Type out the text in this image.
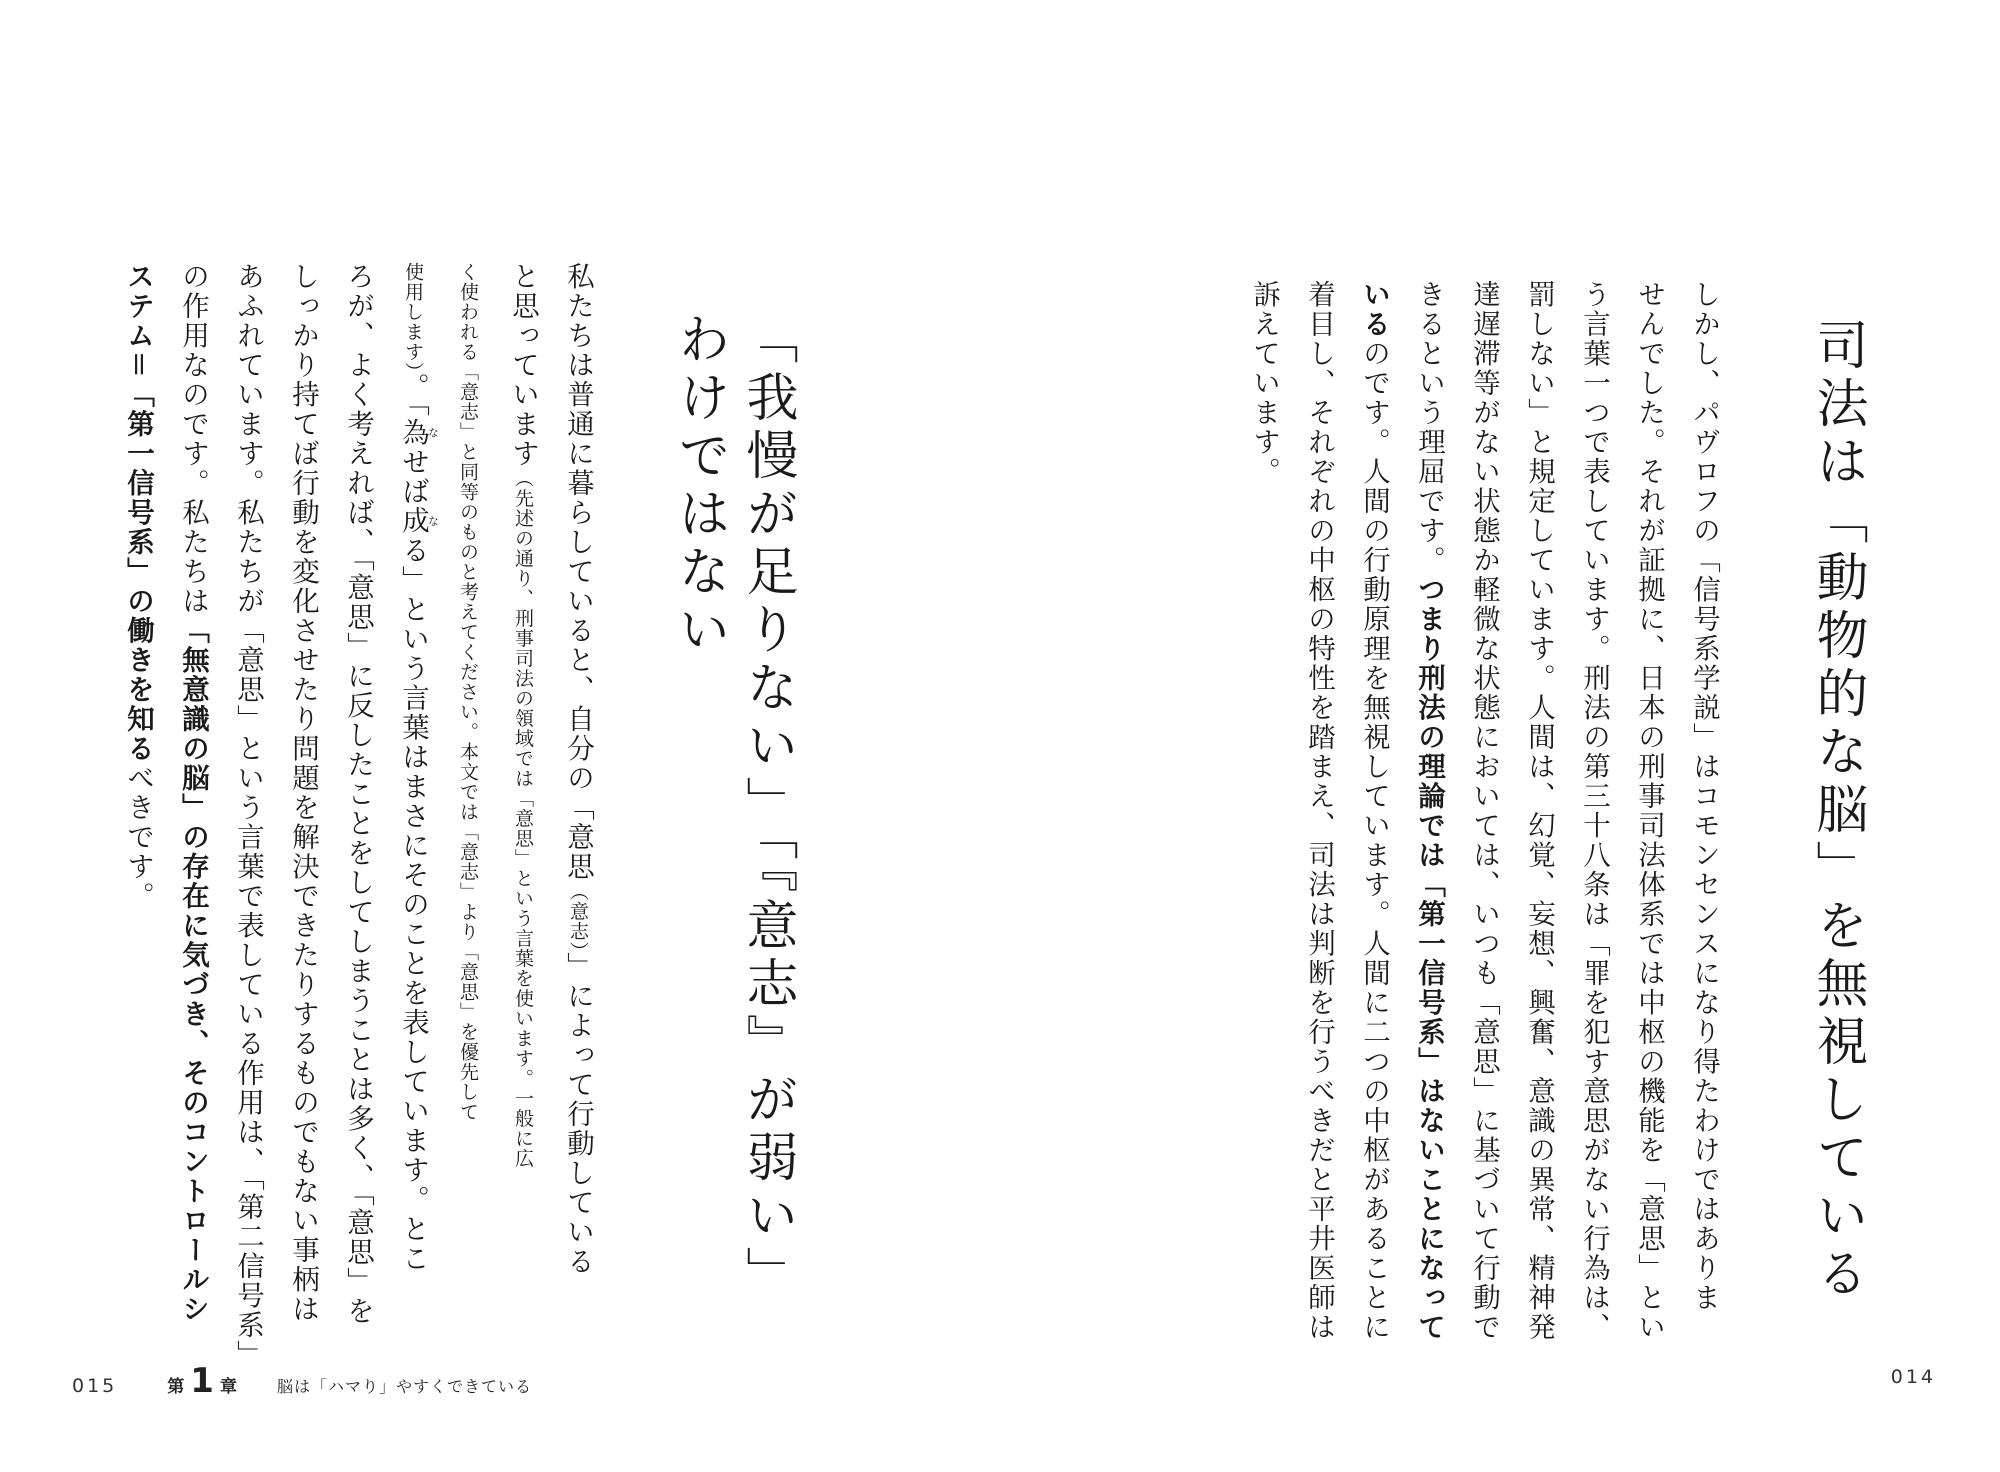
「我慢が足りない」「『意志』が弱い」
わけではない
私たちは普通に暮らしていると、自分の「意思（意志）」によって行動している
と思っています（先述の通り、刑事司法の領域では「意思」という言葉を使います。一般に広
く使われる「意志」と同等のものと考えてください。本文では「意志」より「意思」を優先して
使用します）。「為なせば成なる」という言葉はまさにそのことを表しています。とこ
ろが、よく考えれば、「意思」に反したことをしてしまうことは多く、「意思」を
しっかり持てば行動を変化させたり問題を解決できたりするものでもない事柄は
あふれています。私たちが「意思」という言葉で表している作用は、「第二信号系」
の作用なのです。私たちは「無意識の脳」の存在に気づき、そのコントロールシ
ステム＝「第一信号系」の働きを知るべきです。
015	第 1 章	脳は「ハマり」やすくできている
司法は「動物的な脳」を無視している
しかし、パヴロフの「信号系学説」はコモンセンスになり得たわけではありま
せんでした。それが証拠に、日本の刑事司法体系では中枢の機能を「意思」とい
う言葉一つで表しています。刑法の第三十八条は「罪を犯す意思がない行為は、
罰しない」と規定しています。人間は、幻覚、妄想、興奮、意識の異常、精神発
達遅滞等がない状態か軽微な状態においては、いつも「意思」に基づいて行動で
きるという理屈です。つまり刑法の理論では「第一信号系」はないことになって
いるのです。人間の行動原理を無視しています。人間に二つの中枢があることに
着目し、それぞれの中枢の特性を踏まえ、司法は判断を行うべきだと平井医師は
訴えています。
014
